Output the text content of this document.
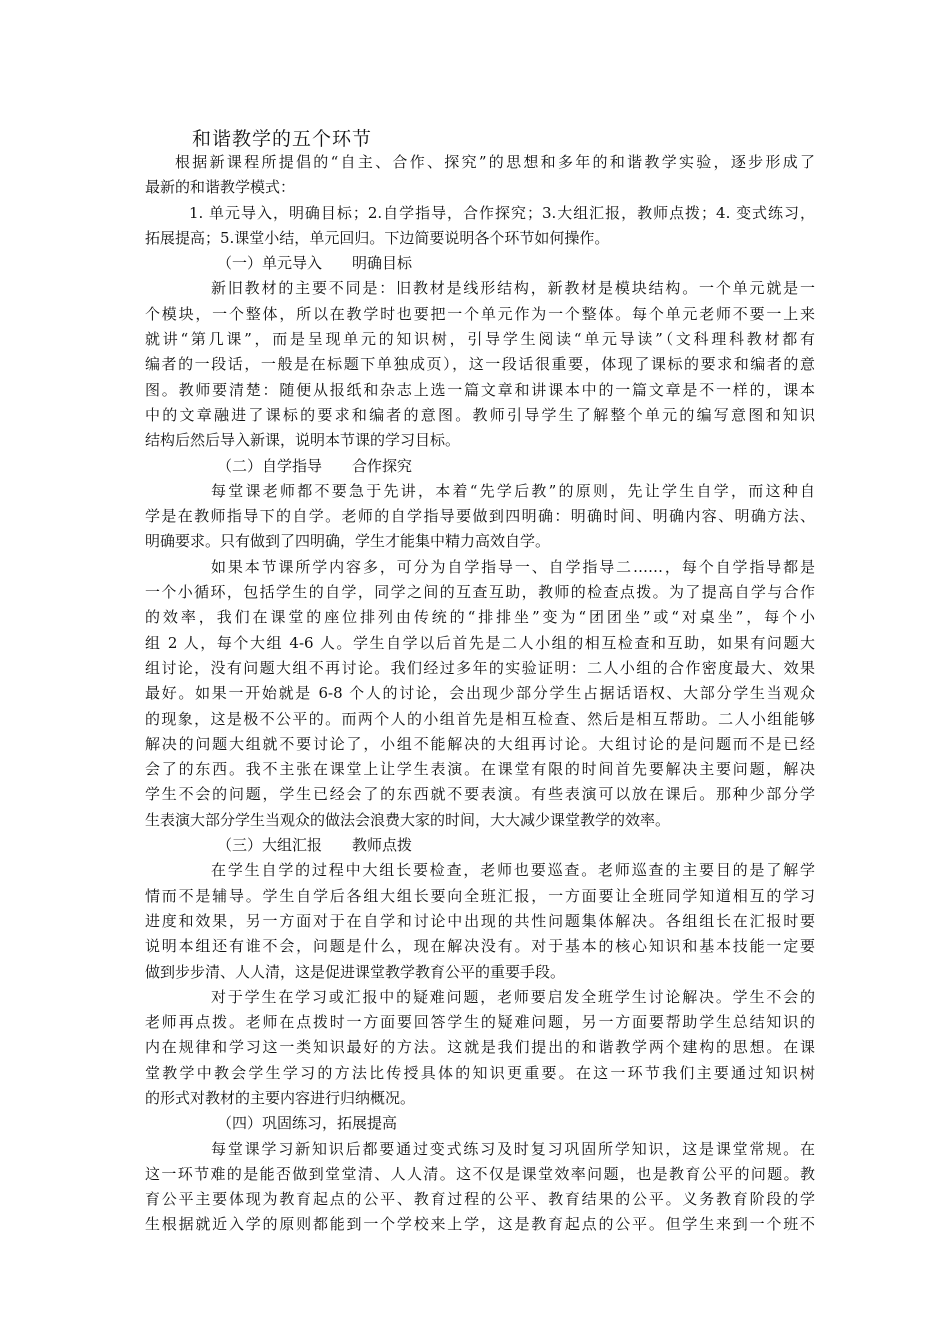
和谐教学的五个环节
根据新课程所提倡的“自主、合作、探究”的思想和多年的和谐教学实验，逐步形成了
最新的和谐教学模式：
1. 单元导入，明确目标；2.自学指导，合作探究；3.大组汇报，教师点拨；4. 变式练习，
拓展提高；5.课堂小结，单元回归。下边简要说明各个环节如何操作。
（一）单元导入　　明确目标
新旧教材的主要不同是：旧教材是线形结构，新教材是模块结构。一个单元就是一
个模块，一个整体，所以在教学时也要把一个单元作为一个整体。每个单元老师不要一上来
就讲“第几课”，而是呈现单元的知识树，引导学生阅读“单元导读”（文科理科教材都有
编者的一段话，一般是在标题下单独成页），这一段话很重要，体现了课标的要求和编者的意
图。教师要清楚：随便从报纸和杂志上选一篇文章和讲课本中的一篇文章是不一样的，课本
中的文章融进了课标的要求和编者的意图。教师引导学生了解整个单元的编写意图和知识
结构后然后导入新课，说明本节课的学习目标。
（二）自学指导　　合作探究
每堂课老师都不要急于先讲，本着“先学后教”的原则，先让学生自学，而这种自
学是在教师指导下的自学。老师的自学指导要做到四明确：明确时间、明确内容、明确方法、
明确要求。只有做到了四明确，学生才能集中精力高效自学。
如果本节课所学内容多，可分为自学指导一、自学指导二……，每个自学指导都是
一个小循环，包括学生的自学，同学之间的互查互助，教师的检查点拨。为了提高自学与合作
的效率，我们在课堂的座位排列由传统的“排排坐”变为“团团坐”或“对桌坐”，每个小
组 2 人，每个大组 4-6 人。学生自学以后首先是二人小组的相互检查和互助，如果有问题大
组讨论，没有问题大组不再讨论。我们经过多年的实验证明：二人小组的合作密度最大、效果
最好。如果一开始就是 6-8 个人的讨论，会出现少部分学生占据话语权、大部分学生当观众
的现象，这是极不公平的。而两个人的小组首先是相互检查、然后是相互帮助。二人小组能够
解决的问题大组就不要讨论了，小组不能解决的大组再讨论。大组讨论的是问题而不是已经
会了的东西。我不主张在课堂上让学生表演。在课堂有限的时间首先要解决主要问题，解决
学生不会的问题，学生已经会了的东西就不要表演。有些表演可以放在课后。那种少部分学
生表演大部分学生当观众的做法会浪费大家的时间，大大减少课堂教学的效率。
（三）大组汇报　　教师点拨
在学生自学的过程中大组长要检查，老师也要巡查。老师巡查的主要目的是了解学
情而不是辅导。学生自学后各组大组长要向全班汇报，一方面要让全班同学知道相互的学习
进度和效果，另一方面对于在自学和讨论中出现的共性问题集体解决。各组组长在汇报时要
说明本组还有谁不会，问题是什么，现在解决没有。对于基本的核心知识和基本技能一定要
做到步步清、人人清，这是促进课堂教学教育公平的重要手段。
对于学生在学习或汇报中的疑难问题，老师要启发全班学生讨论解决。学生不会的
老师再点拨。老师在点拨时一方面要回答学生的疑难问题，另一方面要帮助学生总结知识的
内在规律和学习这一类知识最好的方法。这就是我们提出的和谐教学两个建构的思想。在课
堂教学中教会学生学习的方法比传授具体的知识更重要。在这一环节我们主要通过知识树
的形式对教材的主要内容进行归纳概况。
（四）巩固练习，拓展提高
每堂课学习新知识后都要通过变式练习及时复习巩固所学知识，这是课堂常规。在
这一环节难的是能否做到堂堂清、人人清。这不仅是课堂效率问题，也是教育公平的问题。教
育公平主要体现为教育起点的公平、教育过程的公平、教育结果的公平。义务教育阶段的学
生根据就近入学的原则都能到一个学校来上学，这是教育起点的公平。但学生来到一个班不
